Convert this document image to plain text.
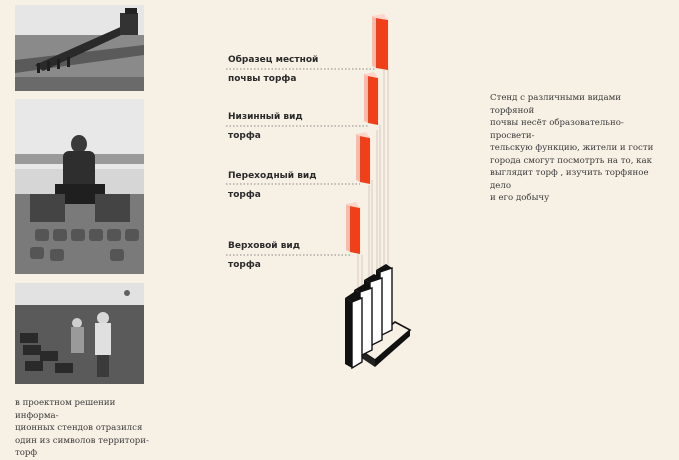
в проектном решении информа-
ционных стендов отразился
один из символов территори-
торф
Стенд с различными видами торфяной
почвы несёт образовательно-просвети-
тельскую функцию, жители и гости
города смогут посмотрть на то, как
выглядит торф , изучить торфяное дело
и его добычу
Образец местной
почвы торфа
Низинный вид
торфа
Переходный вид
торфа
Верховой вид
торфа
